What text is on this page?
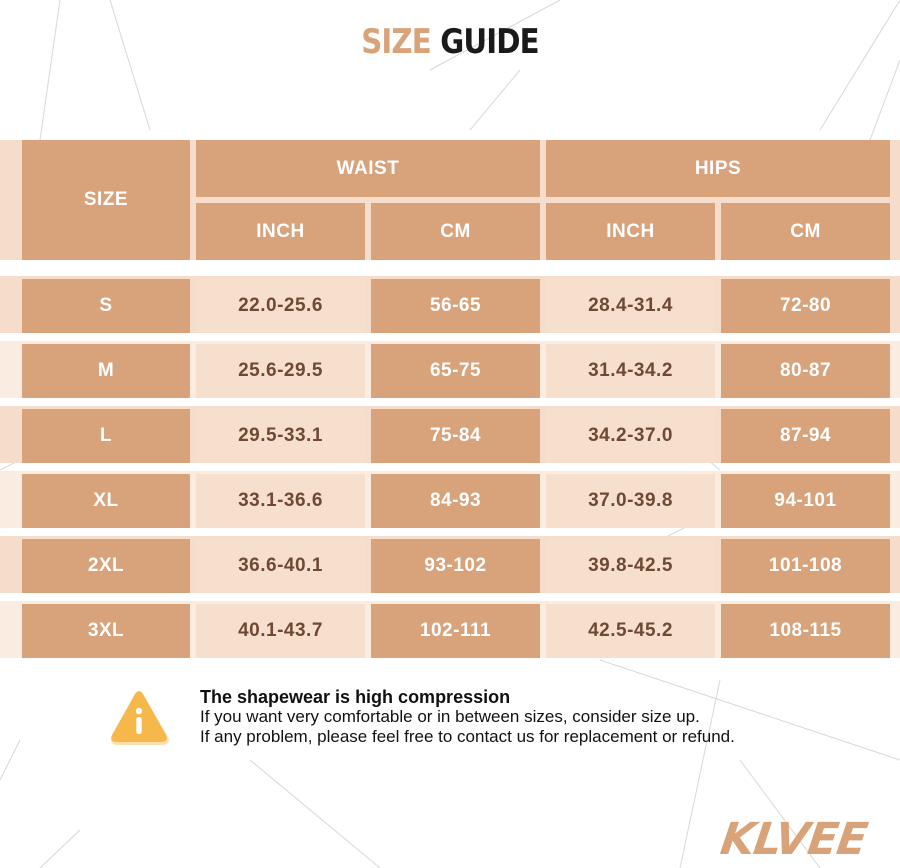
SIZE GUIDE
SIZE
WAIST	HIPS
INCH	CM	INCH	CM
S	22.0-25.6	56-65	28.4-31.4	72-80
M	25.6-29.5	65-75	31.4-34.2	80-87
L	29.5-33.1	75-84	34.2-37.0	87-94
XL	33.1-36.6	84-93	37.0-39.8	94-101
2XL	36.6-40.1	93-102	39.8-42.5	101-108
3XL	40.1-43.7	102-111	42.5-45.2	108-115
The shapewear is high compression
If you want very comfortable or in between sizes, consider size up.
If any problem, please feel free to contact us for replacement or refund.
KLVEE
